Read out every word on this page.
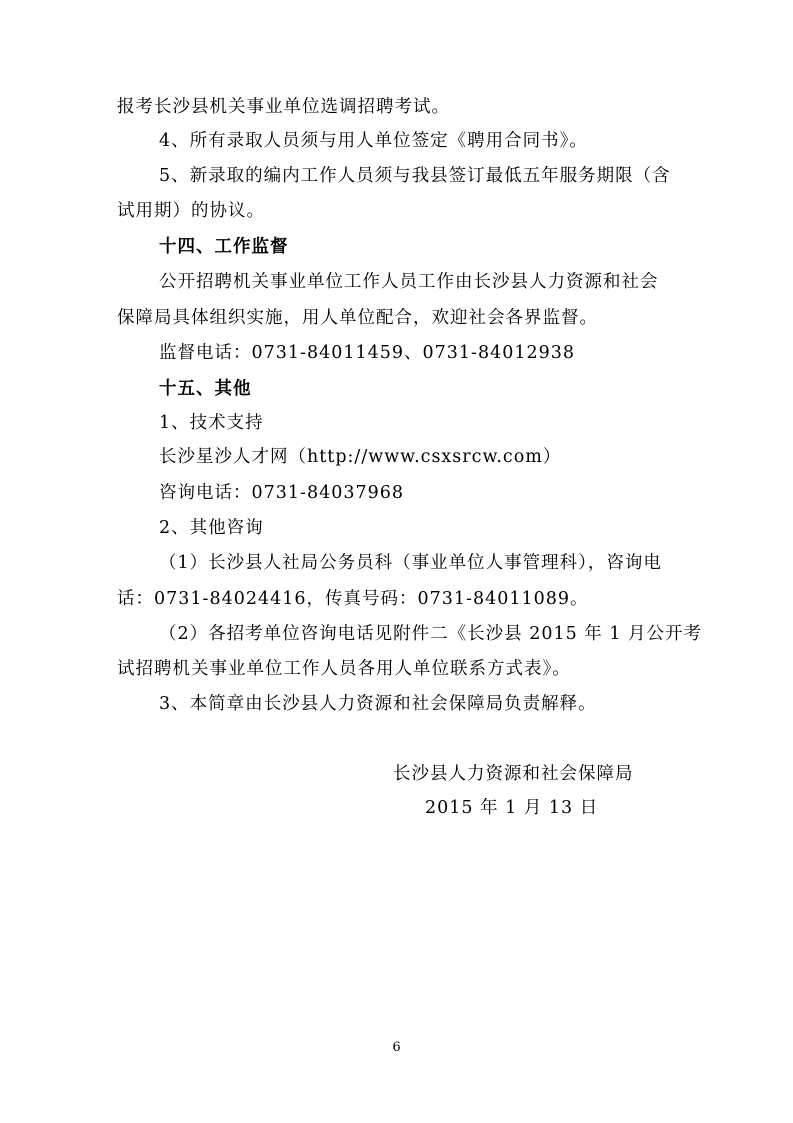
报考长沙县机关事业单位选调招聘考试。
4、所有录取人员须与用人单位签定《聘用合同书》。
5、新录取的编内工作人员须与我县签订最低五年服务期限（含
试用期）的协议。
十四、工作监督
公开招聘机关事业单位工作人员工作由长沙县人力资源和社会
保障局具体组织实施，用人单位配合，欢迎社会各界监督。
监督电话：0731-84011459、0731-84012938
十五、其他
1、技术支持
长沙星沙人才网（http://www.csxsrcw.com）
咨询电话：0731-84037968
2、其他咨询
（1）长沙县人社局公务员科（事业单位人事管理科），咨询电
话：0731-84024416，传真号码：0731-84011089。
（2）各招考单位咨询电话见附件二《长沙县 2015 年 1 月公开考
试招聘机关事业单位工作人员各用人单位联系方式表》。
3、本简章由长沙县人力资源和社会保障局负责解释。
长沙县人力资源和社会保障局
2015 年 1 月 13 日
6
